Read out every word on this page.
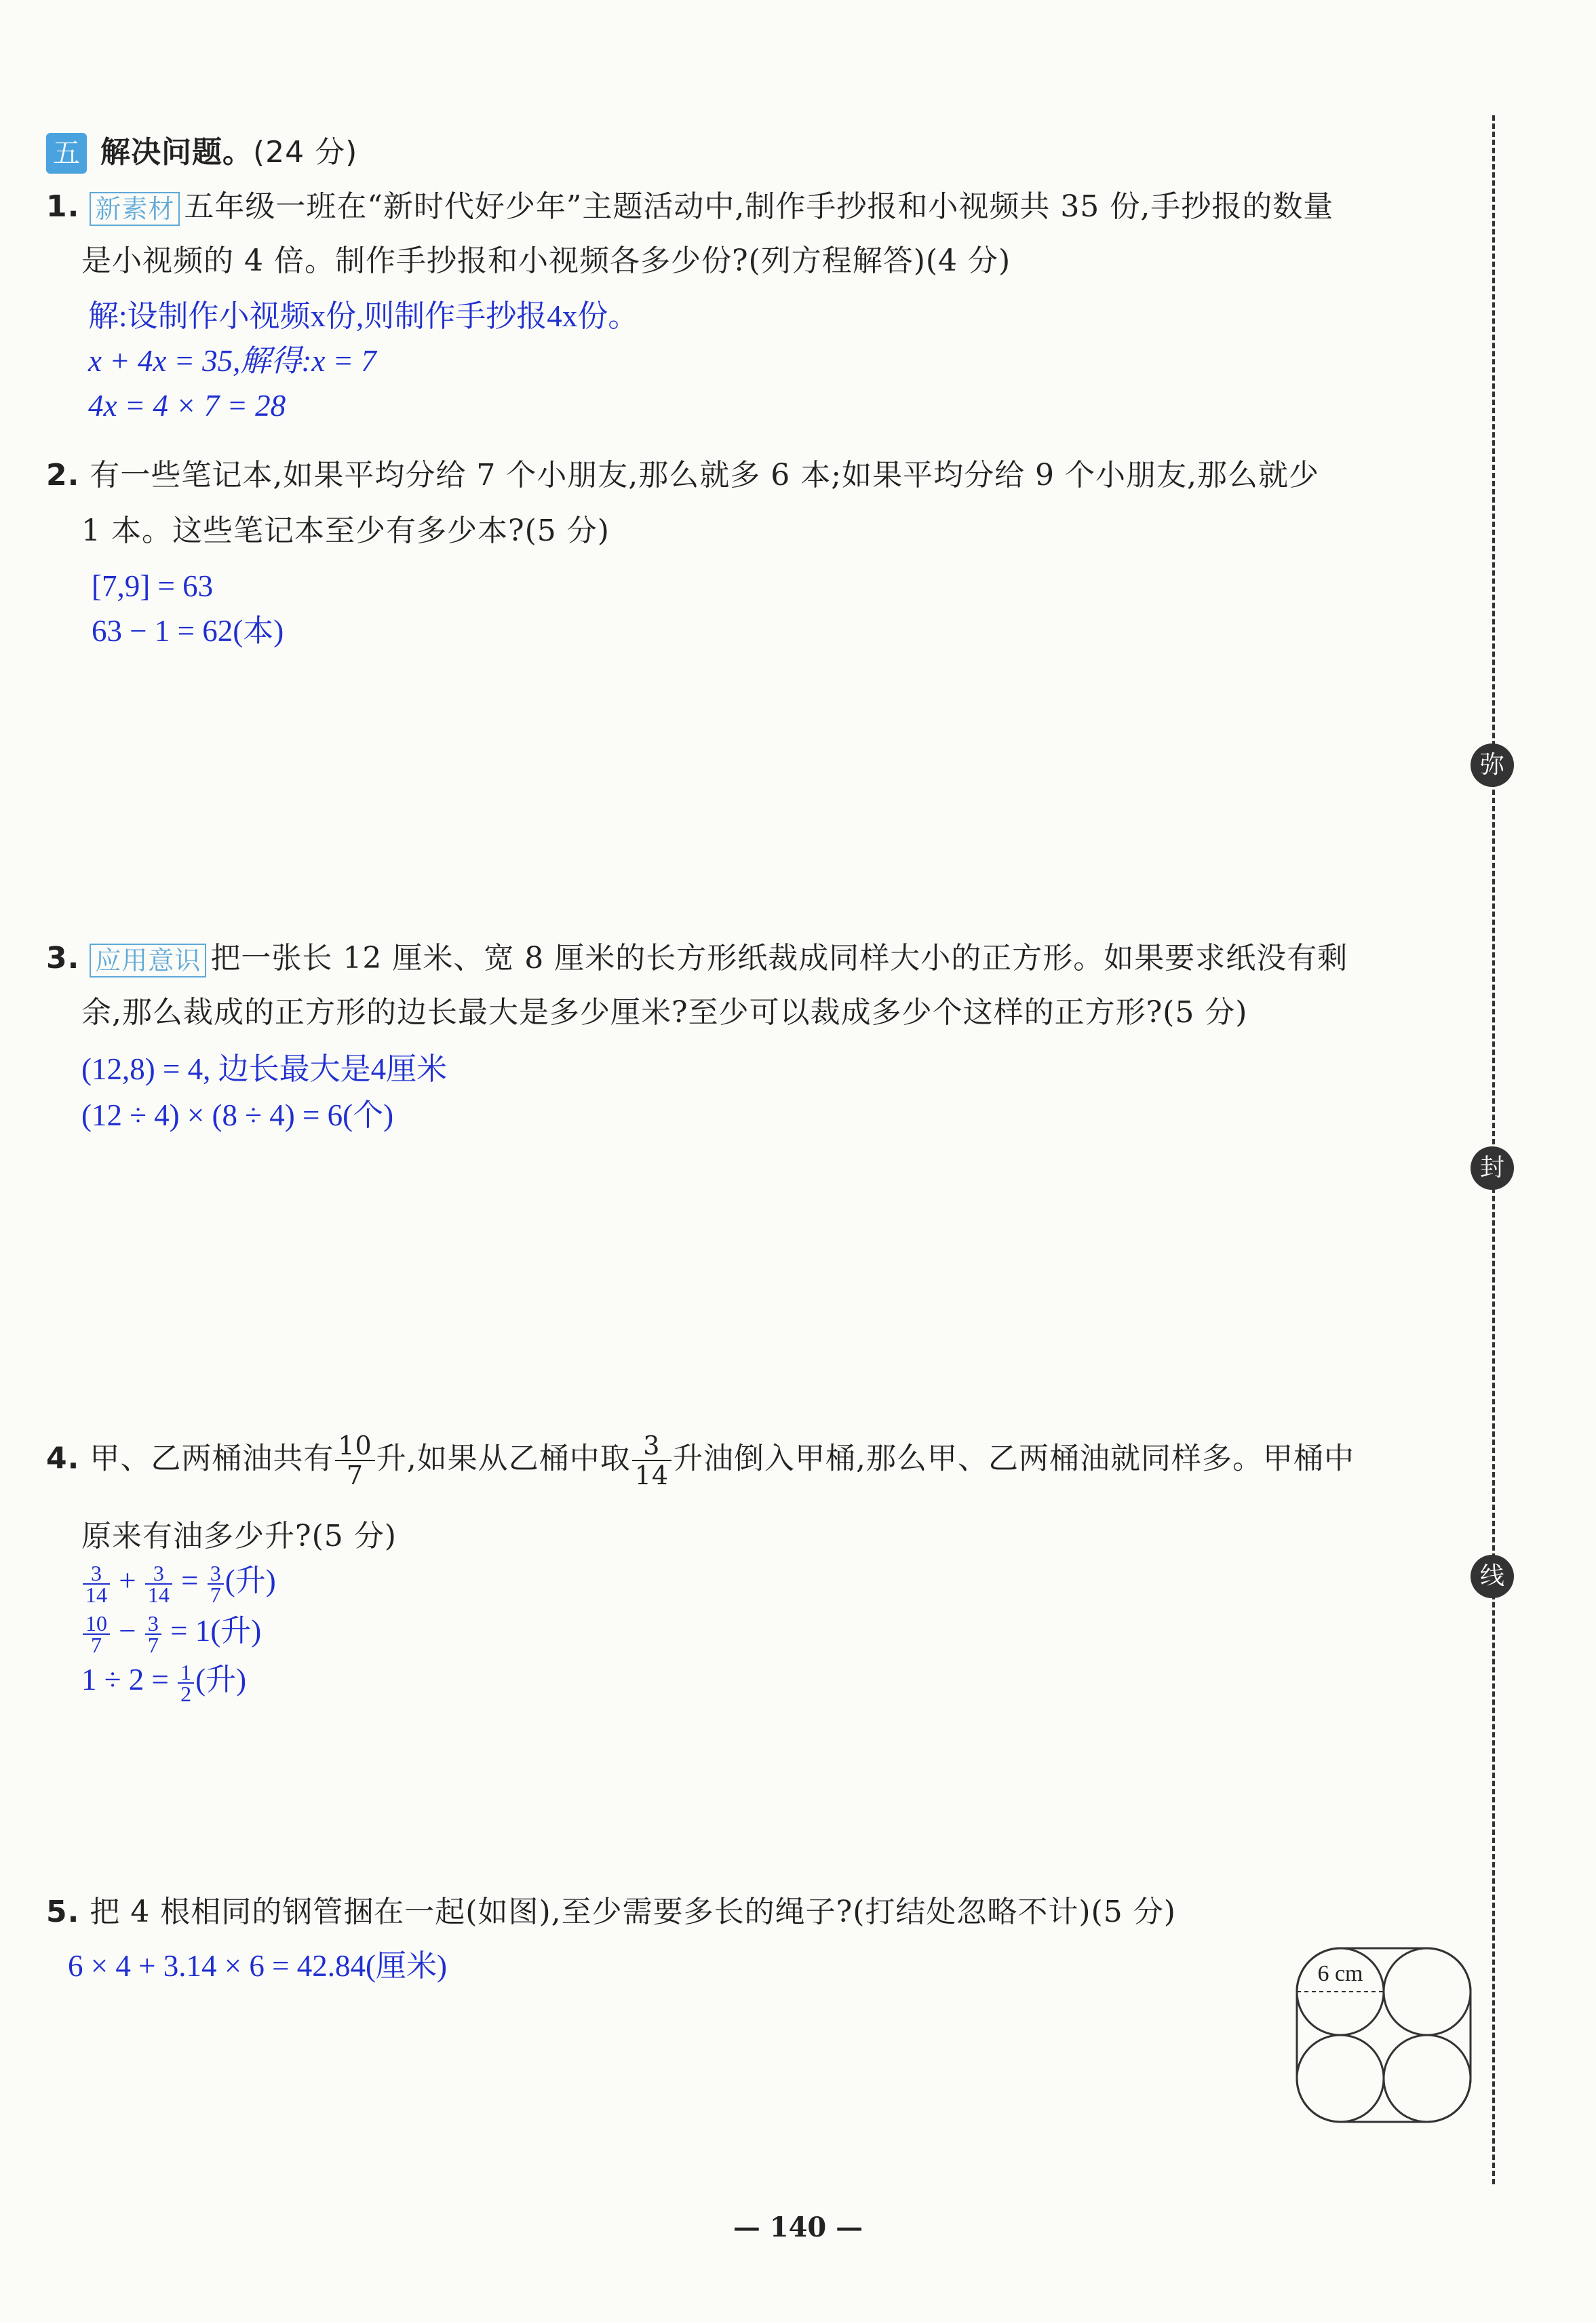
五 解决问题。(24 分)
1. 新素材 五年级一班在“新时代好少年”主题活动中,制作手抄报和小视频共 35 份,手抄报的数量
是小视频的 4 倍。制作手抄报和小视频各多少份?(列方程解答)(4 分)
解:设制作小视频x份,则制作手抄报4x份。
x + 4x = 35,解得:x = 7
4x = 4 × 7 = 28
2. 有一些笔记本,如果平均分给 7 个小朋友,那么就多 6 本;如果平均分给 9 个小朋友,那么就少
1 本。这些笔记本至少有多少本?(5 分)
[7,9] = 63
63 − 1 = 62(本)
3. 应用意识 把一张长 12 厘米、宽 8 厘米的长方形纸裁成同样大小的正方形。如果要求纸没有剩
余,那么裁成的正方形的边长最大是多少厘米?至少可以裁成多少个这样的正方形?(5 分)
(12,8) = 4, 边长最大是4厘米
(12 ÷ 4) × (8 ÷ 4) = 6(个)
4. 甲、乙两桶油共有 $\frac{10}{7}$ 升,如果从乙桶中取 $\frac{3}{14}$ 升油倒入甲桶,那么甲、乙两桶油就同样多。甲桶中
原来有油多少升?(5 分)
$\frac{3}{14} + \frac{3}{14} = \frac{3}{7}$ (升)
$\frac{10}{7} - \frac{3}{7} = 1$(升)
$1 \div 2 = \frac{1}{2}$ (升)
5. 把 4 根相同的钢管捆在一起(如图),至少需要多长的绳子?(打结处忽略不计)(5 分)
6 × 4 + 3.14 × 6 = 42.84(厘米)	6 cm
弥
封
线
— 140 —
